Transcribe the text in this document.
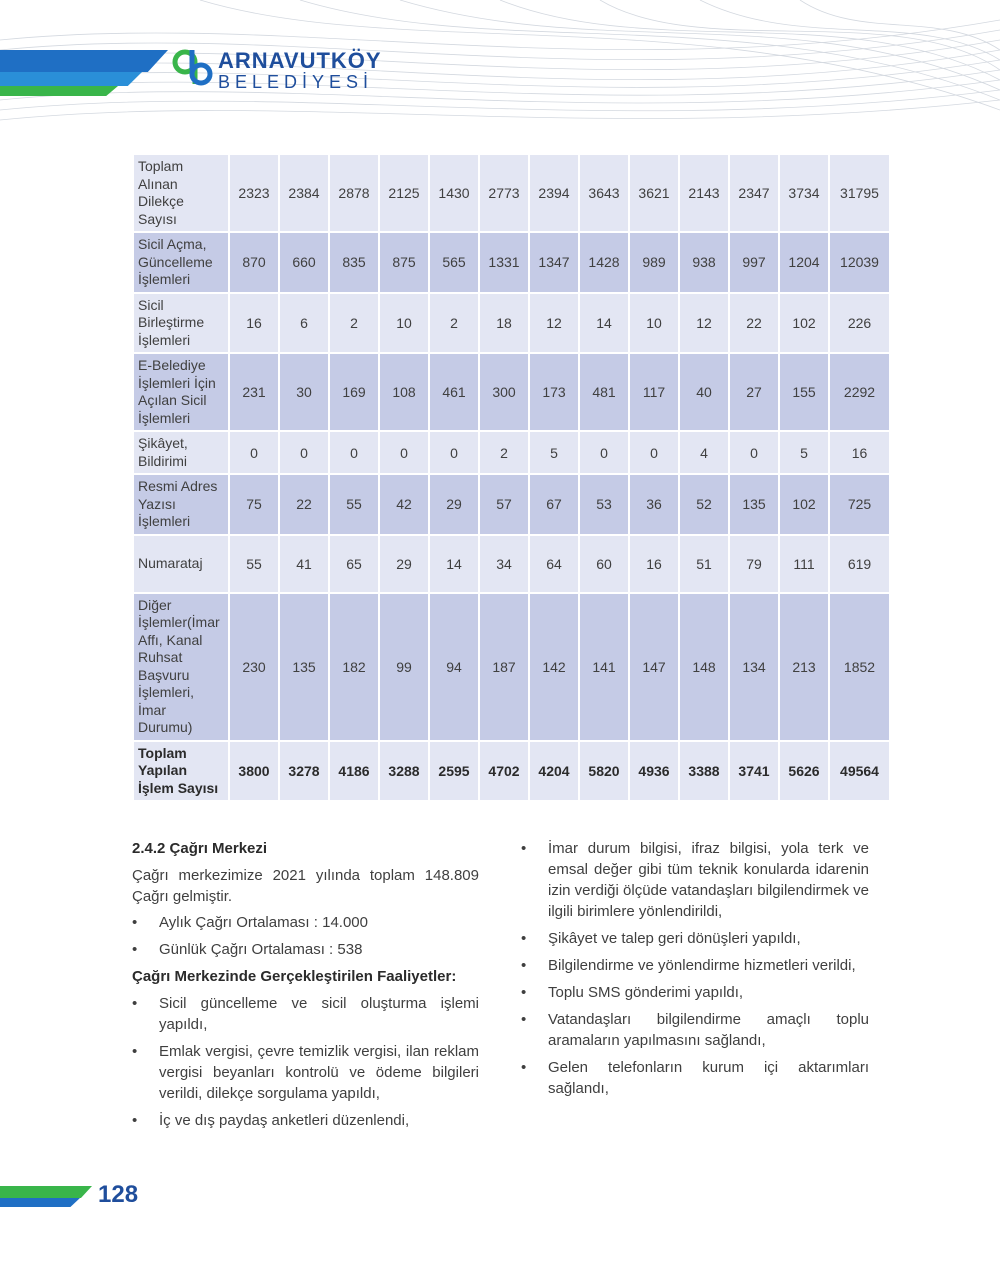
ARNAVUTKÖY
BELEDİYESİ
Toplam Alınan Dilekçe Sayısı	2323	2384	2878	2125	1430	2773	2394	3643	3621	2143	2347	3734	31795
Sicil Açma, Güncelleme İşlemleri	870	660	835	875	565	1331	1347	1428	989	938	997	1204	12039
Sicil Birleştirme İşlemleri	16	6	2	10	2	18	12	14	10	12	22	102	226
E-Belediye İşlemleri İçin Açılan Sicil İşlemleri	231	30	169	108	461	300	173	481	117	40	27	155	2292
Şikâyet, Bildirimi	0	0	0	0	0	2	5	0	0	4	0	5	16
Resmi Adres Yazısı İşlemleri	75	22	55	42	29	57	67	53	36	52	135	102	725
Numarataj	55	41	65	29	14	34	64	60	16	51	79	111	619
Diğer İşlemler(İmar Affı, Kanal Ruhsat Başvuru İşlemleri, İmar Durumu)	230	135	182	99	94	187	142	141	147	148	134	213	1852
Toplam Yapılan İşlem Sayısı	3800	3278	4186	3288	2595	4702	4204	5820	4936	3388	3741	5626	49564
2.4.2 Çağrı Merkezi
Çağrı merkezimize 2021 yılında toplam 148.809 Çağrı gelmiştir.
• Aylık Çağrı Ortalaması : 14.000
• Günlük Çağrı Ortalaması : 538
Çağrı Merkezinde Gerçekleştirilen Faaliyetler:
• Sicil güncelleme ve sicil oluşturma işlemi yapıldı,
• Emlak vergisi, çevre temizlik vergisi, ilan reklam vergisi beyanları kontrolü ve ödeme bilgileri verildi, dilekçe sorgulama yapıldı,
• İç ve dış paydaş anketleri düzenlendi,
• İmar durum bilgisi, ifraz bilgisi, yola terk ve emsal değer gibi tüm teknik konularda idarenin izin verdiği ölçüde vatandaşları bilgilendirmek ve ilgili birimlere yönlendirildi,
• Şikâyet ve talep geri dönüşleri yapıldı,
• Bilgilendirme ve yönlendirme hizmetleri verildi,
• Toplu SMS gönderimi yapıldı,
• Vatandaşları bilgilendirme amaçlı toplu aramaların yapılmasını sağlandı,
• Gelen telefonların kurum içi aktarımları sağlandı,
128
